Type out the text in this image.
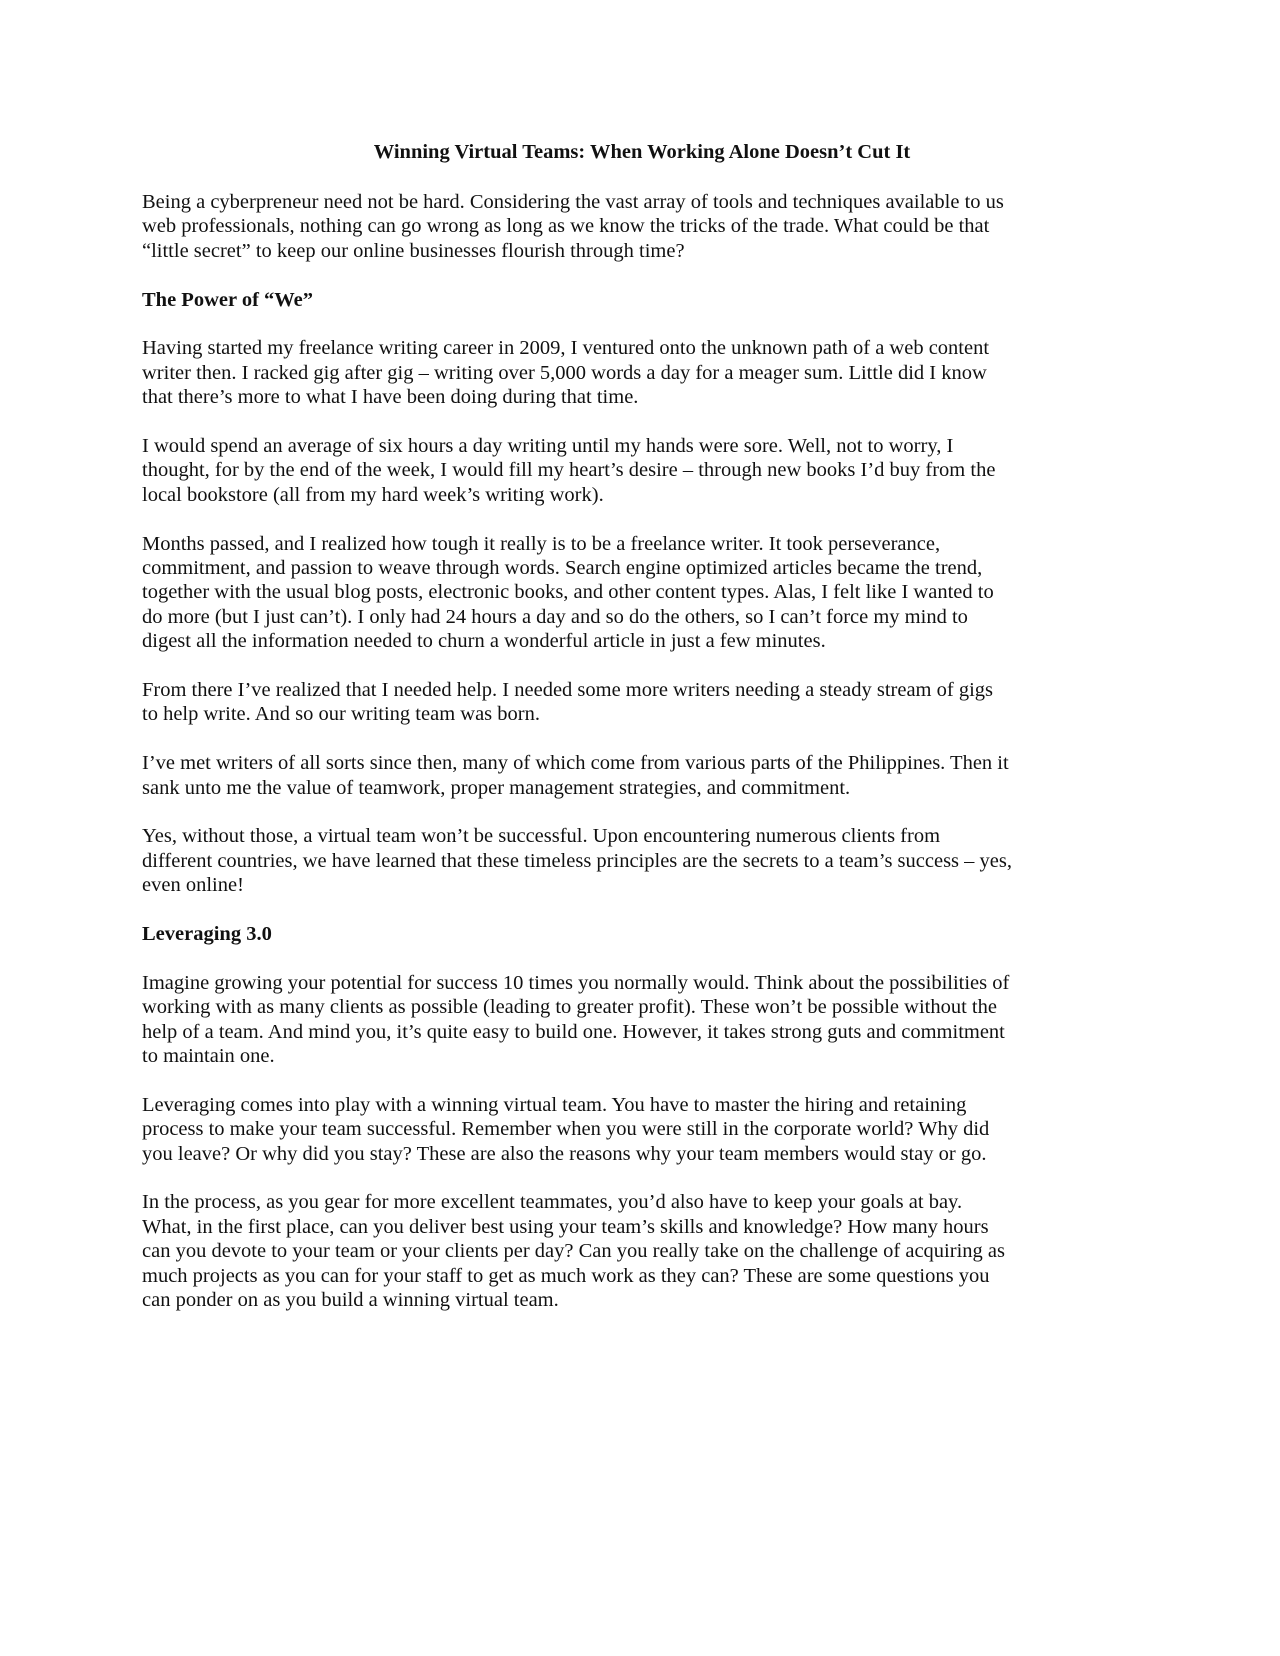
Winning Virtual Teams: When Working Alone Doesn’t Cut It
Being a cyberpreneur need not be hard. Considering the vast array of tools and techniques available to us
web professionals, nothing can go wrong as long as we know the tricks of the trade. What could be that
“little secret” to keep our online businesses flourish through time?
The Power of “We”
Having started my freelance writing career in 2009, I ventured onto the unknown path of a web content
writer then. I racked gig after gig – writing over 5,000 words a day for a meager sum. Little did I know
that there’s more to what I have been doing during that time.
I would spend an average of six hours a day writing until my hands were sore. Well, not to worry, I
thought, for by the end of the week, I would fill my heart’s desire – through new books I’d buy from the
local bookstore (all from my hard week’s writing work).
Months passed, and I realized how tough it really is to be a freelance writer. It took perseverance,
commitment, and passion to weave through words. Search engine optimized articles became the trend,
together with the usual blog posts, electronic books, and other content types. Alas, I felt like I wanted to
do more (but I just can’t). I only had 24 hours a day and so do the others, so I can’t force my mind to
digest all the information needed to churn a wonderful article in just a few minutes.
From there I’ve realized that I needed help. I needed some more writers needing a steady stream of gigs
to help write. And so our writing team was born.
I’ve met writers of all sorts since then, many of which come from various parts of the Philippines. Then it
sank unto me the value of teamwork, proper management strategies, and commitment.
Yes, without those, a virtual team won’t be successful. Upon encountering numerous clients from
different countries, we have learned that these timeless principles are the secrets to a team’s success – yes,
even online!
Leveraging 3.0
Imagine growing your potential for success 10 times you normally would. Think about the possibilities of
working with as many clients as possible (leading to greater profit). These won’t be possible without the
help of a team. And mind you, it’s quite easy to build one. However, it takes strong guts and commitment
to maintain one.
Leveraging comes into play with a winning virtual team. You have to master the hiring and retaining
process to make your team successful. Remember when you were still in the corporate world? Why did
you leave? Or why did you stay? These are also the reasons why your team members would stay or go.
In the process, as you gear for more excellent teammates, you’d also have to keep your goals at bay.
What, in the first place, can you deliver best using your team’s skills and knowledge? How many hours
can you devote to your team or your clients per day? Can you really take on the challenge of acquiring as
much projects as you can for your staff to get as much work as they can? These are some questions you
can ponder on as you build a winning virtual team.
